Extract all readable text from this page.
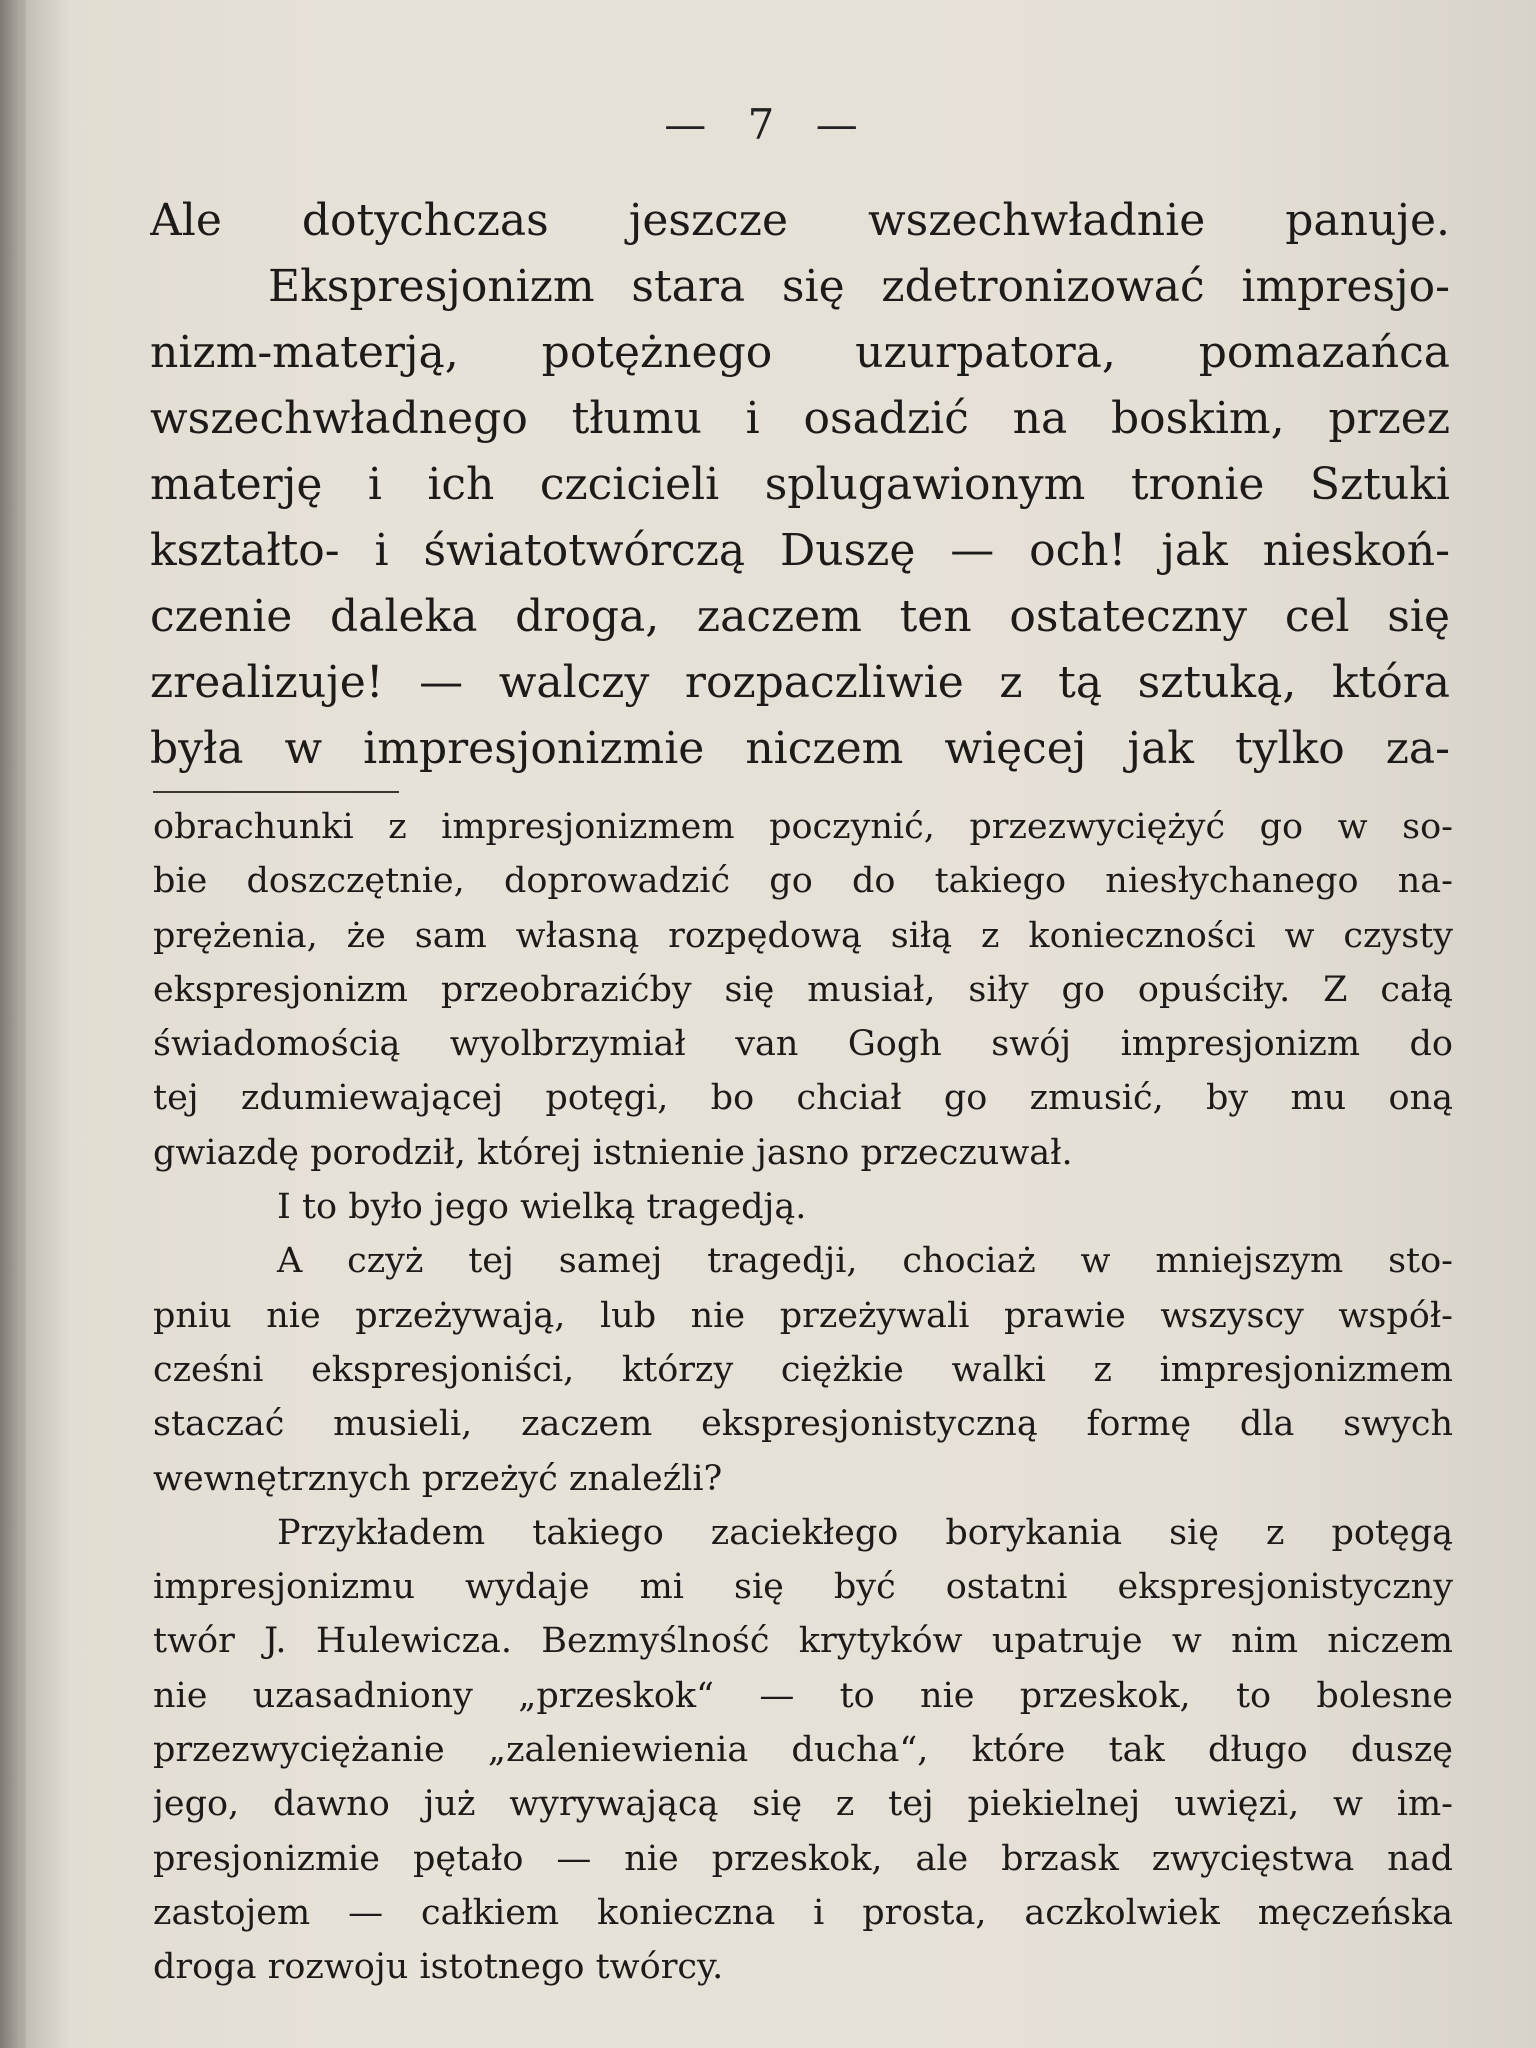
— 7 —
Ale dotychczas jeszcze wszechwładnie panuje.
Ekspresjonizm stara się zdetronizować impresjo-
nizm-materją, potężnego uzurpatora, pomazańca
wszechwładnego tłumu i osadzić na boskim, przez
materję i ich czcicieli splugawionym tronie Sztuki
kształto- i światotwórczą Duszę — och! jak nieskoń-
czenie daleka droga, zaczem ten ostateczny cel się
zrealizuje! — walczy rozpaczliwie z tą sztuką, która
była w impresjonizmie niczem więcej jak tylko za-
obrachunki z impresjonizmem poczynić, przezwyciężyć go w so-
bie doszczętnie, doprowadzić go do takiego niesłychanego na-
prężenia, że sam własną rozpędową siłą z konieczności w czysty
ekspresjonizm przeobrazićby się musiał, siły go opuściły. Z całą
świadomością wyolbrzymiał van Gogh swój impresjonizm do
tej zdumiewającej potęgi, bo chciał go zmusić, by mu oną
gwiazdę porodził, której istnienie jasno przeczuwał.
I to było jego wielką tragedją.
A czyż tej samej tragedji, chociaż w mniejszym sto-
pniu nie przeżywają, lub nie przeżywali prawie wszyscy współ-
cześni ekspresjoniści, którzy ciężkie walki z impresjonizmem
staczać musieli, zaczem ekspresjonistyczną formę dla swych
wewnętrznych przeżyć znaleźli?
Przykładem takiego zaciekłego borykania się z potęgą
impresjonizmu wydaje mi się być ostatni ekspresjonistyczny
twór J. Hulewicza. Bezmyślność krytyków upatruje w nim niczem
nie uzasadniony „przeskok“ — to nie przeskok, to bolesne
przezwyciężanie „zaleniewienia ducha“, które tak długo duszę
jego, dawno już wyrywającą się z tej piekielnej uwięzi, w im-
presjonizmie pętało — nie przeskok, ale brzask zwycięstwa nad
zastojem — całkiem konieczna i prosta, aczkolwiek męczeńska
droga rozwoju istotnego twórcy.
